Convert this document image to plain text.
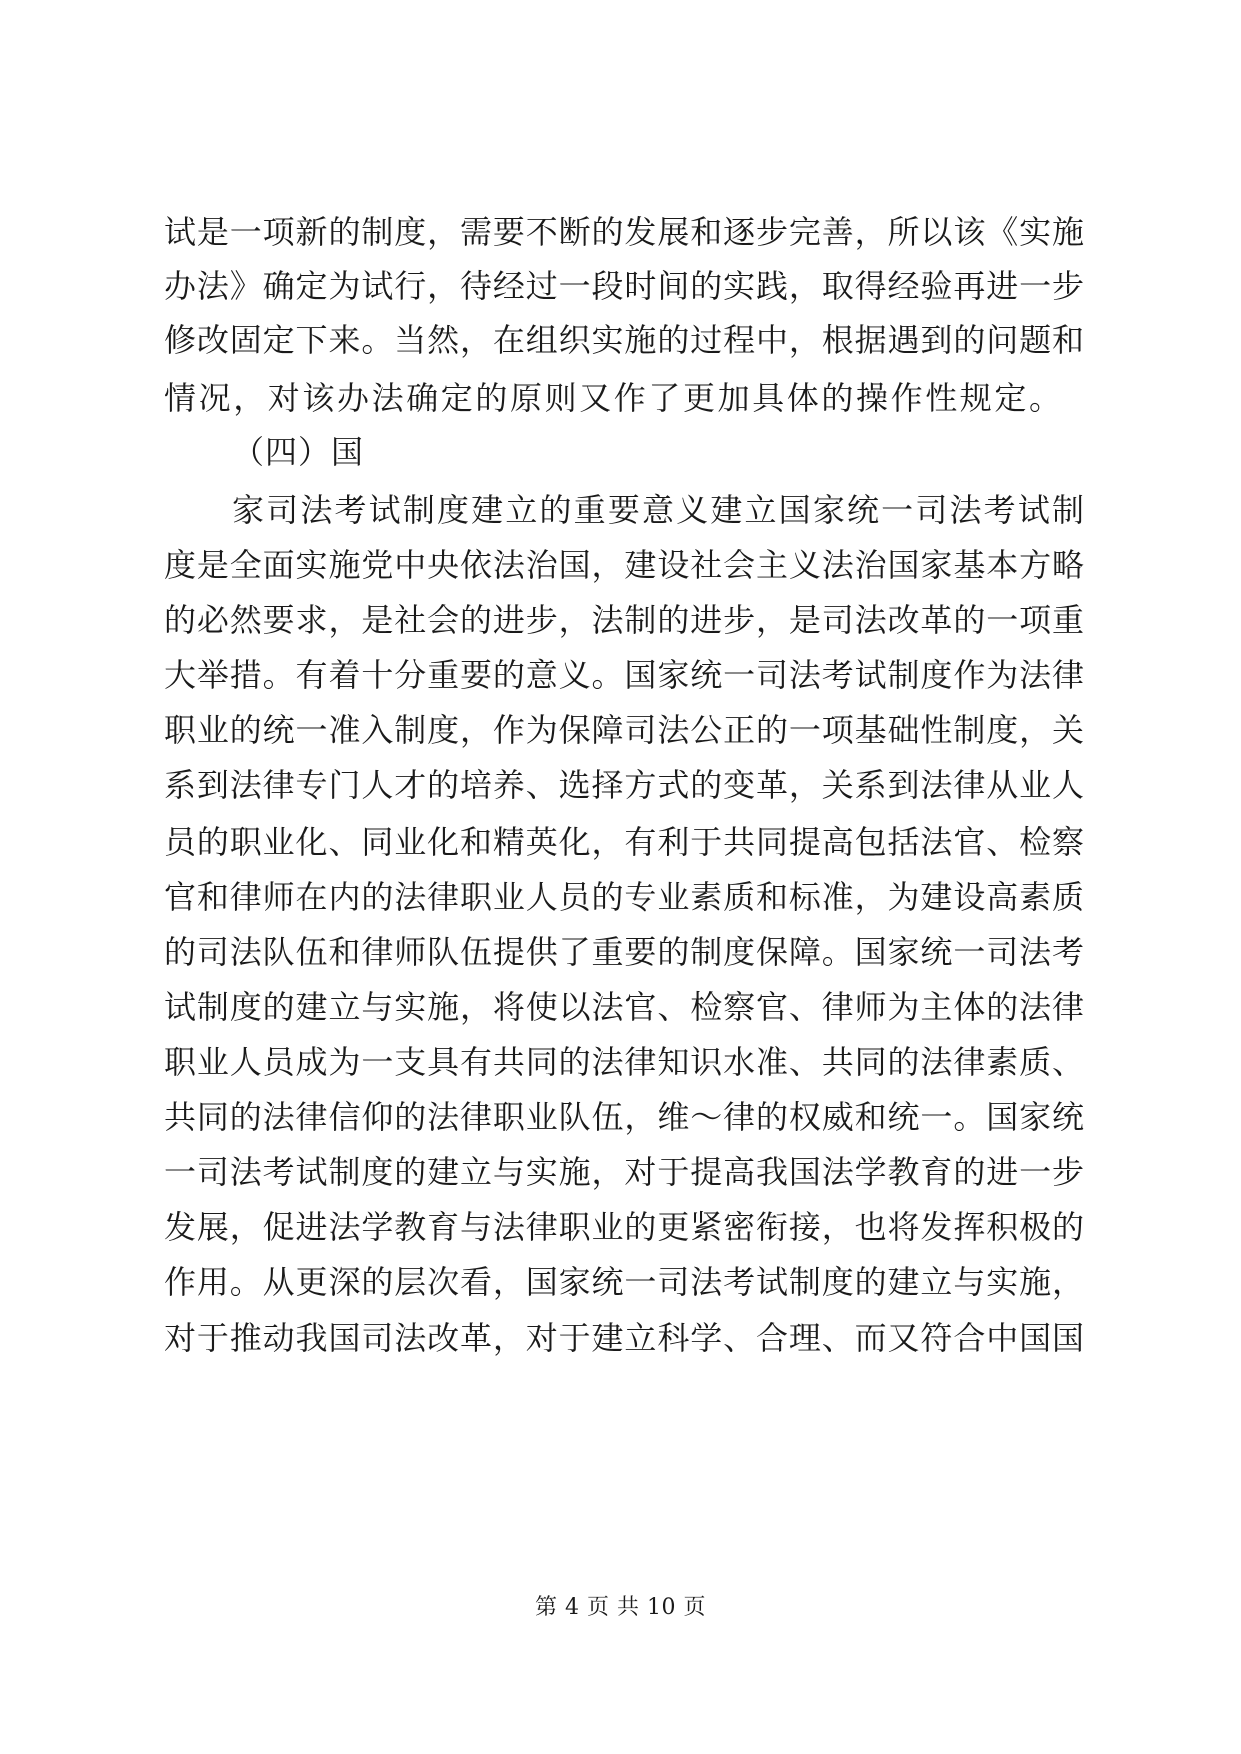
试是一项新的制度，需要不断的发展和逐步完善，所以该《实施
办法》确定为试行，待经过一段时间的实践，取得经验再进一步
修改固定下来。当然，在组织实施的过程中，根据遇到的问题和
情况，对该办法确定的原则又作了更加具体的操作性规定。
（四）国
家司法考试制度建立的重要意义建立国家统一司法考试制
度是全面实施党中央依法治国，建设社会主义法治国家基本方略
的必然要求，是社会的进步，法制的进步，是司法改革的一项重
大举措。有着十分重要的意义。国家统一司法考试制度作为法律
职业的统一准入制度，作为保障司法公正的一项基础性制度，关
系到法律专门人才的培养、选择方式的变革，关系到法律从业人
员的职业化、同业化和精英化，有利于共同提高包括法官、检察
官和律师在内的法律职业人员的专业素质和标准，为建设高素质
的司法队伍和律师队伍提供了重要的制度保障。国家统一司法考
试制度的建立与实施，将使以法官、检察官、律师为主体的法律
职业人员成为一支具有共同的法律知识水准、共同的法律素质、
共同的法律信仰的法律职业队伍，维～律的权威和统一。国家统
一司法考试制度的建立与实施，对于提高我国法学教育的进一步
发展，促进法学教育与法律职业的更紧密衔接，也将发挥积极的
作用。从更深的层次看，国家统一司法考试制度的建立与实施，
对于推动我国司法改革，对于建立科学、合理、而又符合中国国
第 4 页 共 10 页
